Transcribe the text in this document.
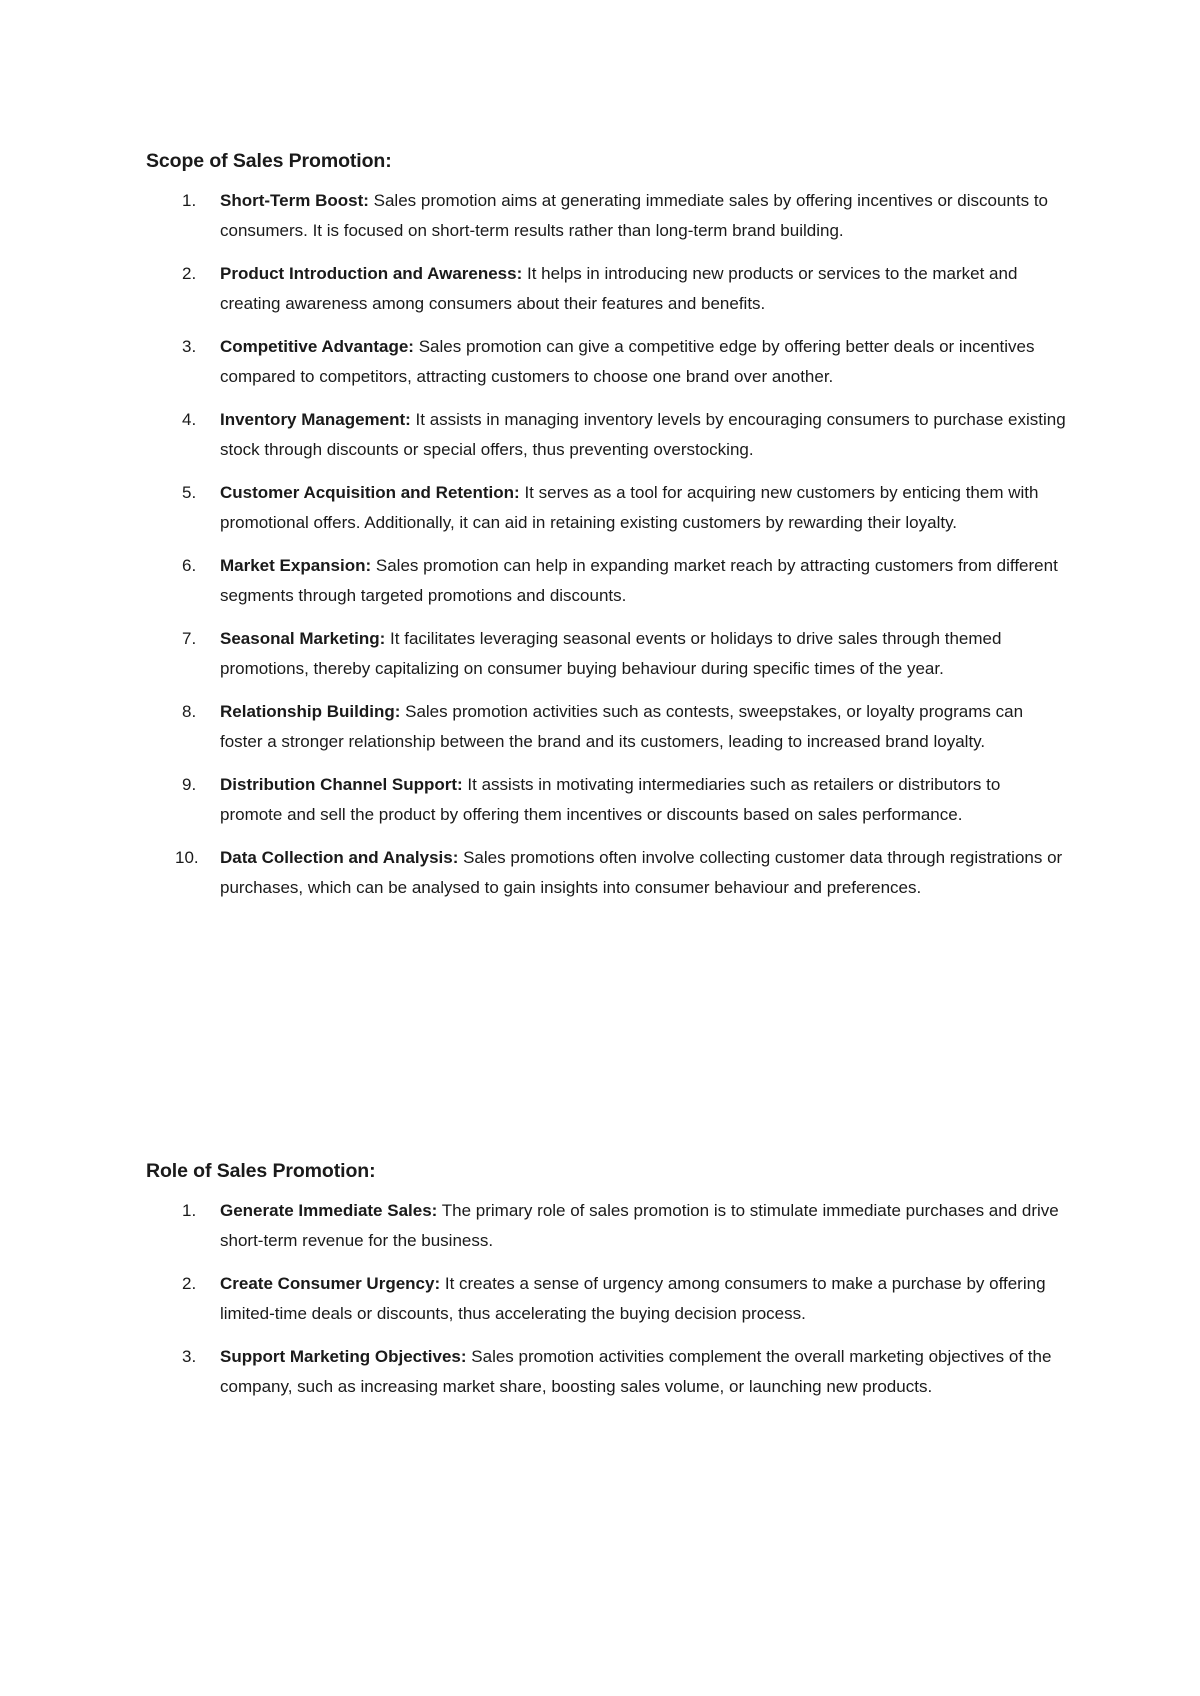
Scope of Sales Promotion:
1.	Short-Term Boost: Sales promotion aims at generating immediate sales by offering incentives or discounts to consumers. It is focused on short-term results rather than long-term brand building.
2.	Product Introduction and Awareness: It helps in introducing new products or services to the market and creating awareness among consumers about their features and benefits.
3.	Competitive Advantage: Sales promotion can give a competitive edge by offering better deals or incentives compared to competitors, attracting customers to choose one brand over another.
4.	Inventory Management: It assists in managing inventory levels by encouraging consumers to purchase existing stock through discounts or special offers, thus preventing overstocking.
5.	Customer Acquisition and Retention: It serves as a tool for acquiring new customers by enticing them with promotional offers. Additionally, it can aid in retaining existing customers by rewarding their loyalty.
6.	Market Expansion: Sales promotion can help in expanding market reach by attracting customers from different segments through targeted promotions and discounts.
7.	Seasonal Marketing: It facilitates leveraging seasonal events or holidays to drive sales through themed promotions, thereby capitalizing on consumer buying behaviour during specific times of the year.
8.	Relationship Building: Sales promotion activities such as contests, sweepstakes, or loyalty programs can foster a stronger relationship between the brand and its customers, leading to increased brand loyalty.
9.	Distribution Channel Support: It assists in motivating intermediaries such as retailers or distributors to promote and sell the product by offering them incentives or discounts based on sales performance.
10.	Data Collection and Analysis: Sales promotions often involve collecting customer data through registrations or purchases, which can be analysed to gain insights into consumer behaviour and preferences.
Role of Sales Promotion:
1.	Generate Immediate Sales: The primary role of sales promotion is to stimulate immediate purchases and drive short-term revenue for the business.
2.	Create Consumer Urgency: It creates a sense of urgency among consumers to make a purchase by offering limited-time deals or discounts, thus accelerating the buying decision process.
3.	Support Marketing Objectives: Sales promotion activities complement the overall marketing objectives of the company, such as increasing market share, boosting sales volume, or launching new products.
